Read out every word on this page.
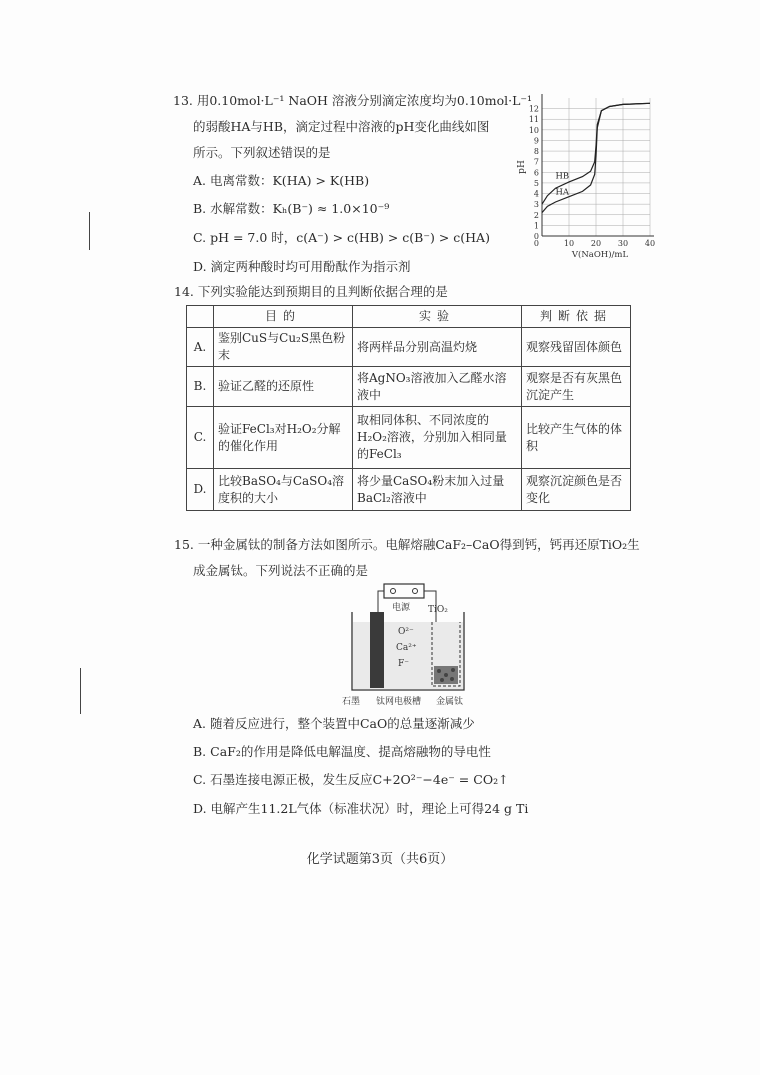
13. 用0.10mol·L⁻¹ NaOH 溶液分别滴定浓度均为0.10mol·L⁻¹
的弱酸HA与HB，滴定过程中溶液的pH变化曲线如图
所示。下列叙述错误的是
A. 电离常数：K(HA) > K(HB)
B. 水解常数：Kₕ(B⁻) ≈ 1.0×10⁻⁹
C. pH = 7.0 时，c(A⁻) > c(HB) > c(B⁻) > c(HA)
D. 滴定两种酸时均可用酚酞作为指示剂
0
1
2
3
4
5
6
7
8
9
10
11
12
10 20 30 40
0
pH
V(NaOH)/mL
HB
HA
14. 下列实验能达到预期目的且判断依据合理的是
	目的	实验	判断依据
A.	鉴别CuS与Cu₂S黑色粉末	将两样品分别高温灼烧	观察残留固体颜色
B.	验证乙醛的还原性	将AgNO₃溶液加入乙醛水溶液中	观察是否有灰黑色沉淀产生
C.	验证FeCl₃对H₂O₂分解的催化作用	取相同体积、不同浓度的H₂O₂溶液，分别加入相同量的FeCl₃	比较产生气体的体积
D.	比较BaSO₄与CaSO₄溶度积的大小	将少量CaSO₄粉末加入过量BaCl₂溶液中	观察沉淀颜色是否变化
15. 一种金属钛的制备方法如图所示。电解熔融CaF₂–CaO得到钙，钙再还原TiO₂生
成金属钛。下列说法不正确的是
电源 TiO₂
O²⁻
Ca²⁺
F⁻
石墨 钛网电极槽 金属钛
A. 随着反应进行，整个装置中CaO的总量逐渐减少
B. CaF₂的作用是降低电解温度、提高熔融物的导电性
C. 石墨连接电源正极，发生反应C+2O²⁻−4e⁻ = CO₂↑
D. 电解产生11.2L气体（标准状况）时，理论上可得24 g Ti
化学试题第3页（共6页）
